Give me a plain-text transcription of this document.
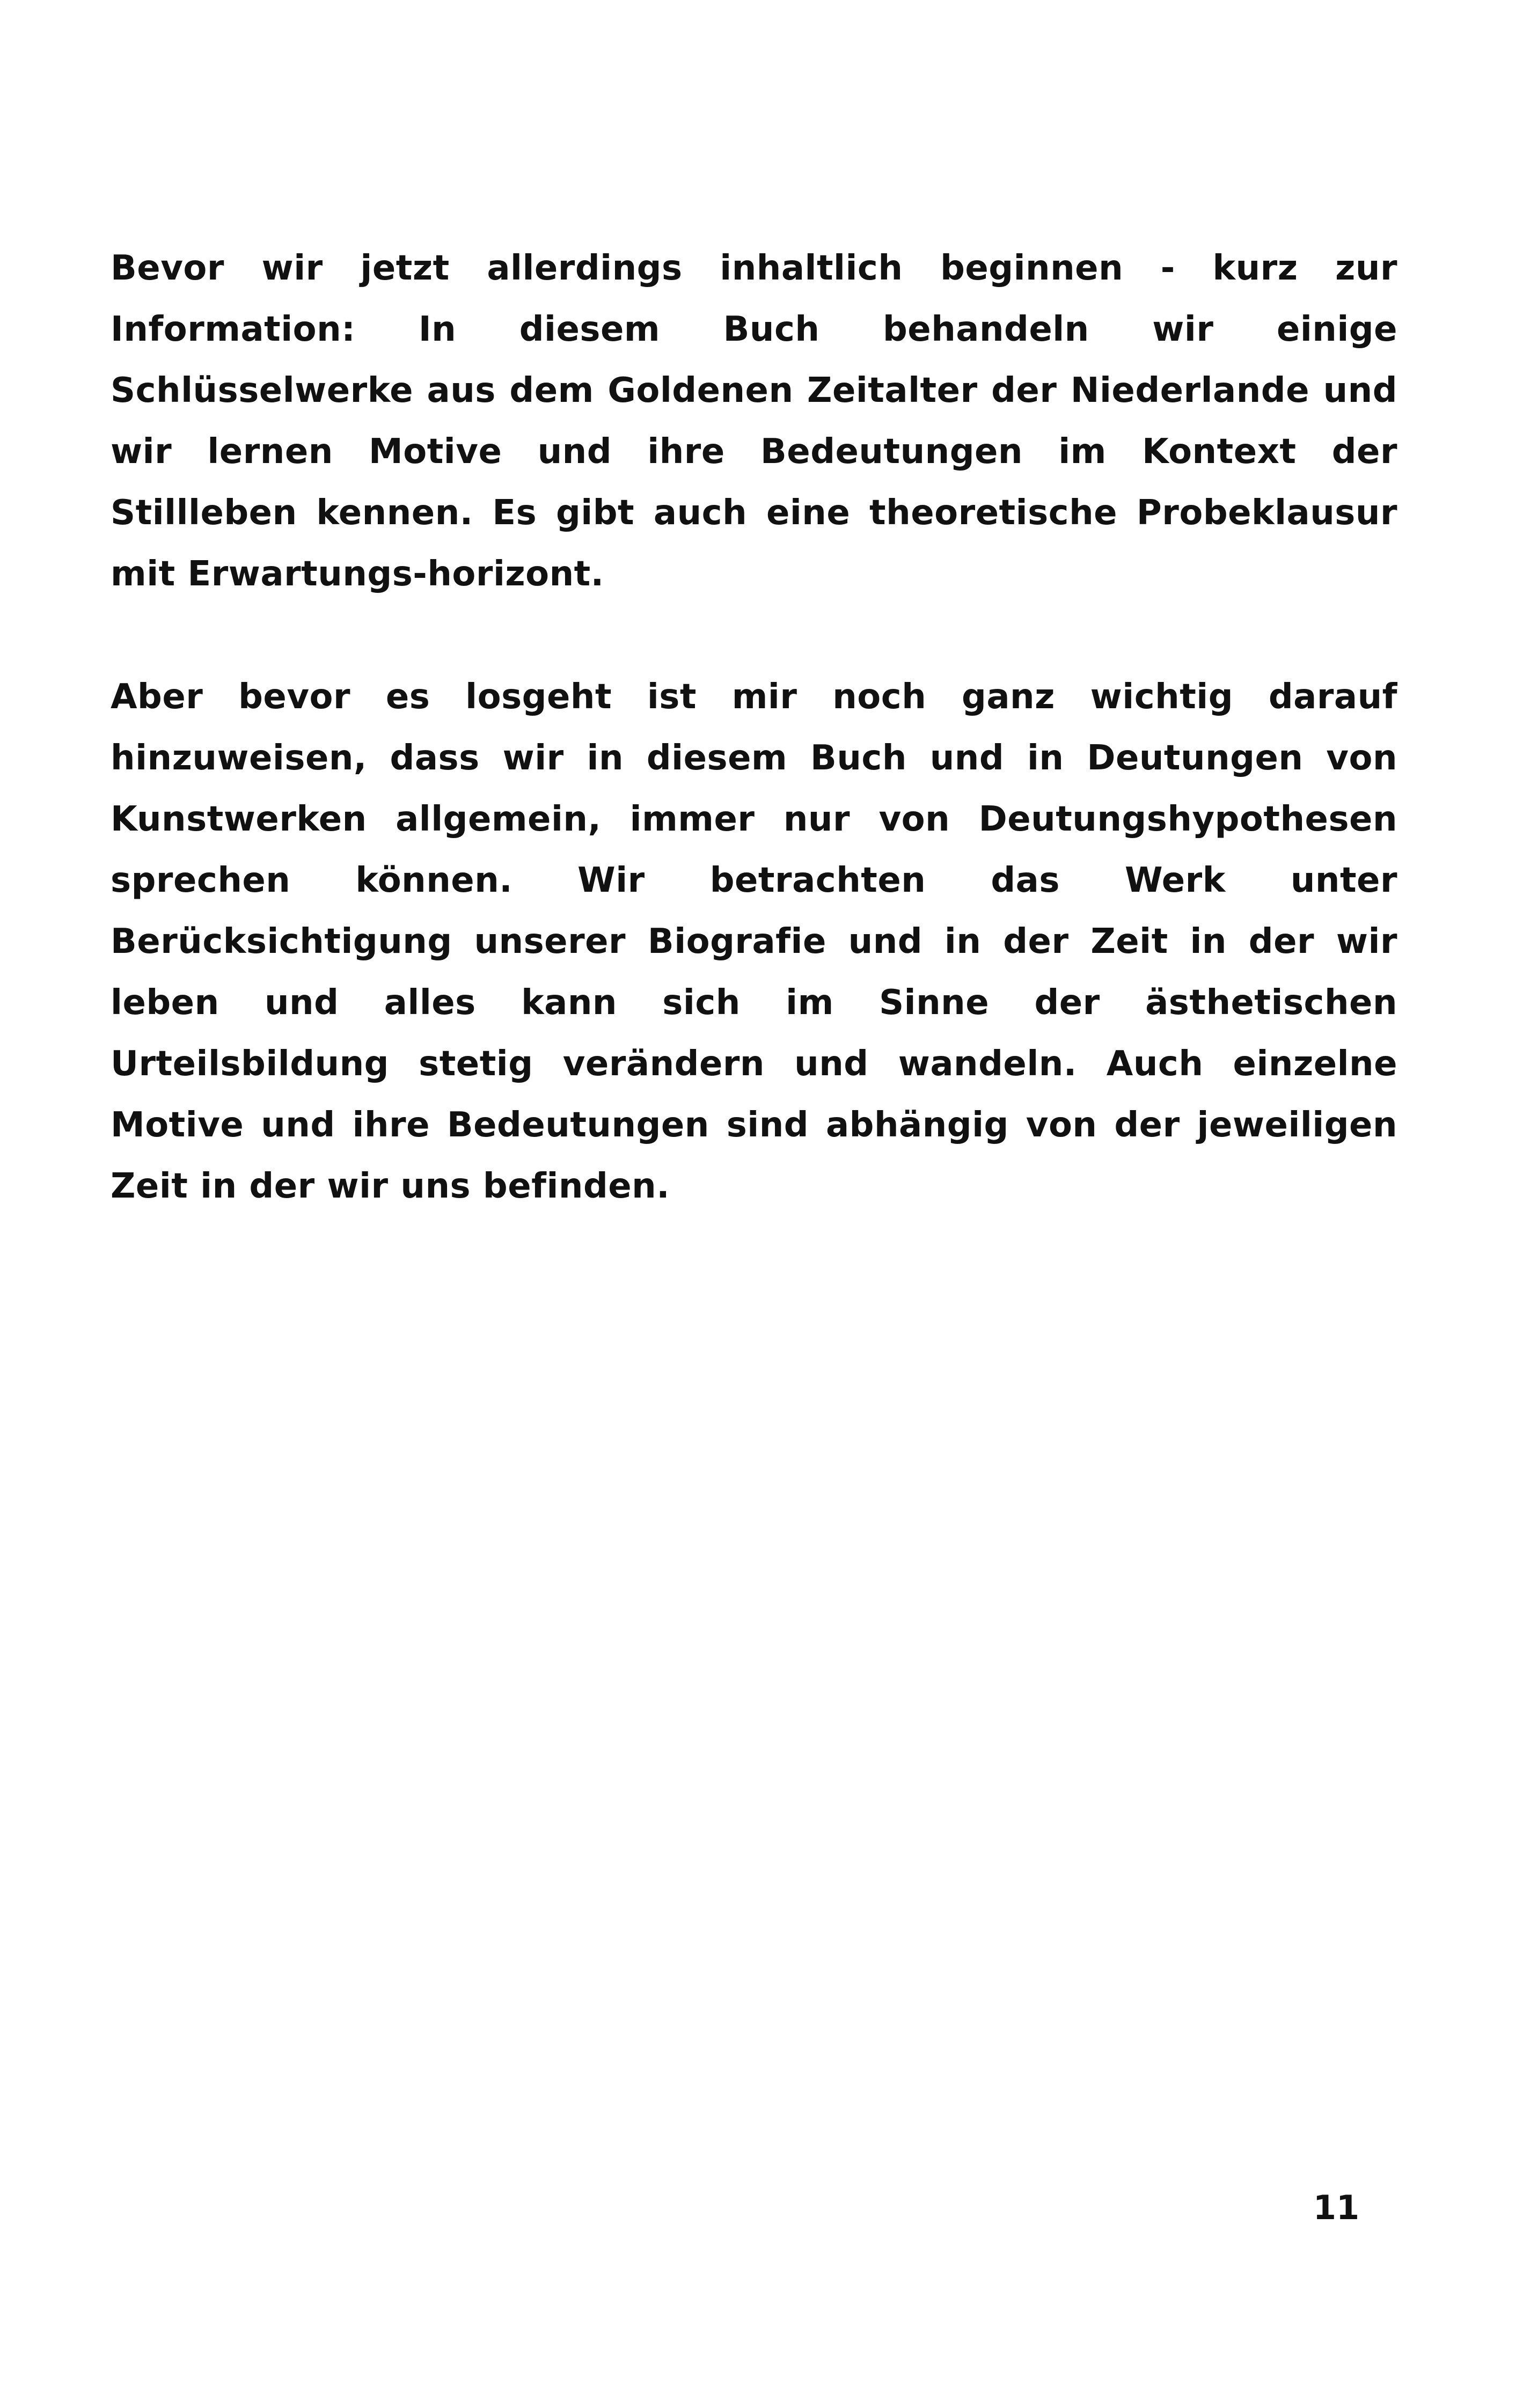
Bevor wir jetzt allerdings inhaltlich beginnen - kurz zur Information: In diesem Buch behandeln wir einige Schlüsselwerke aus dem Goldenen Zeitalter der Niederlande und wir lernen Motive und ihre Bedeutungen im Kontext der Stillleben kennen. Es gibt auch eine theoretische Probeklausur mit Erwartungs-horizont.

Aber bevor es losgeht ist mir noch ganz wichtig darauf hinzuweisen, dass wir in diesem Buch und in Deutungen von Kunstwerken allgemein, immer nur von Deutungshypothesen sprechen können. Wir betrachten das Werk unter Berücksichtigung unserer Biografie und in der Zeit in der wir leben und alles kann sich im Sinne der ästhetischen Urteilsbildung stetig verändern und wandeln. Auch einzelne Motive und ihre Bedeutungen sind abhängig von der jeweiligen Zeit in der wir uns befinden.

11
